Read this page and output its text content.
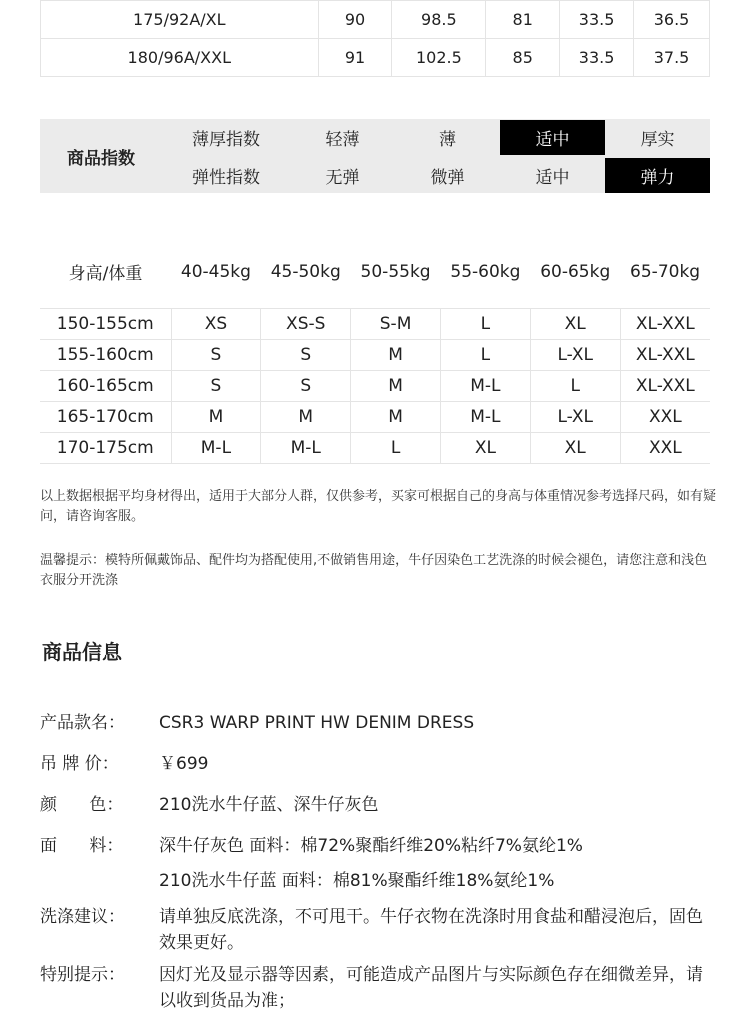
175/92A/XL	90	98.5	81	33.5	36.5
180/96A/XXL	91	102.5	85	33.5	37.5
商品指数
薄厚指数	轻薄	薄	适中	厚实
弹性指数	无弹	微弹	适中	弹力
身高/体重	40-45kg	45-50kg	50-55kg	55-60kg	60-65kg	65-70kg
150-155cm	XS	XS-S	S-M	L	XL	XL-XXL
155-160cm	S	S	M	L	L-XL	XL-XXL
160-165cm	S	S	M	M-L	L	XL-XXL
165-170cm	M	M	M	M-L	L-XL	XXL
170-175cm	M-L	M-L	L	XL	XL	XXL

以上数据根据平均身材得出，适用于大部分人群，仅供参考，买家可根据自己的身高与体重情况参考选择尺码，如有疑问，请咨询客服。

温馨提示：模特所佩戴饰品、配件均为搭配使用,不做销售用途，牛仔因染色工艺洗涤的时候会褪色，请您注意和浅色衣服分开洗涤

商品信息
产品款名：	CSR3 WARP PRINT HW DENIM DRESS
吊 牌 价：	￥699
颜      色：	210洗水牛仔蓝、深牛仔灰色
面      料：	深牛仔灰色 面料：棉72%聚酯纤维20%粘纤7%氨纶1%
210洗水牛仔蓝 面料：棉81%聚酯纤维18%氨纶1%
洗涤建议：	请单独反底洗涤，不可甩干。牛仔衣物在洗涤时用食盐和醋浸泡后，固色效果更好。
特别提示：	因灯光及显示器等因素，可能造成产品图片与实际颜色存在细微差异，请以收到货品为准；
